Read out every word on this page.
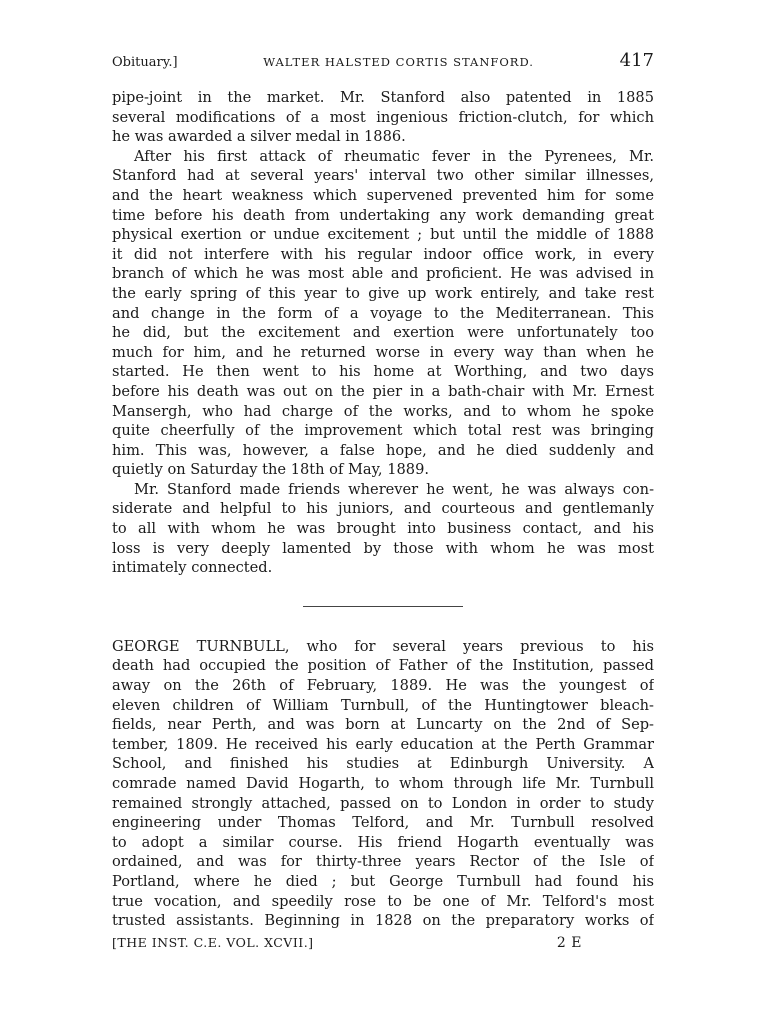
Obituary.]	WALTER HALSTED CORTIS STANFORD.	417
pipe-joint in the market. Mr. Stanford also patented in 1885
several modifications of a most ingenious friction-clutch, for which
he was awarded a silver medal in 1886.
After his first attack of rheumatic fever in the Pyrenees, Mr.
Stanford had at several years' interval two other similar illnesses,
and the heart weakness which supervened prevented him for some
time before his death from undertaking any work demanding great
physical exertion or undue excitement ; but until the middle of 1888
it did not interfere with his regular indoor office work, in every
branch of which he was most able and proficient. He was advised in
the early spring of this year to give up work entirely, and take rest
and change in the form of a voyage to the Mediterranean. This
he did, but the excitement and exertion were unfortunately too
much for him, and he returned worse in every way than when he
started. He then went to his home at Worthing, and two days
before his death was out on the pier in a bath-chair with Mr. Ernest
Mansergh, who had charge of the works, and to whom he spoke
quite cheerfully of the improvement which total rest was bringing
him. This was, however, a false hope, and he died suddenly and
quietly on Saturday the 18th of May, 1889.
Mr. Stanford made friends wherever he went, he was always con-
siderate and helpful to his juniors, and courteous and gentlemanly
to all with whom he was brought into business contact, and his
loss is very deeply lamented by those with whom he was most
intimately connected.
GEORGE TURNBULL, who for several years previous to his
death had occupied the position of Father of the Institution, passed
away on the 26th of February, 1889. He was the youngest of
eleven children of William Turnbull, of the Huntingtower bleach-
fields, near Perth, and was born at Luncarty on the 2nd of Sep-
tember, 1809. He received his early education at the Perth Grammar
School, and finished his studies at Edinburgh University. A
comrade named David Hogarth, to whom through life Mr. Turnbull
remained strongly attached, passed on to London in order to study
engineering under Thomas Telford, and Mr. Turnbull resolved
to adopt a similar course. His friend Hogarth eventually was
ordained, and was for thirty-three years Rector of the Isle of
Portland, where he died ; but George Turnbull had found his
true vocation, and speedily rose to be one of Mr. Telford's most
trusted assistants. Beginning in 1828 on the preparatory works of
[THE INST. C.E. VOL. XCVII.]	2 E
